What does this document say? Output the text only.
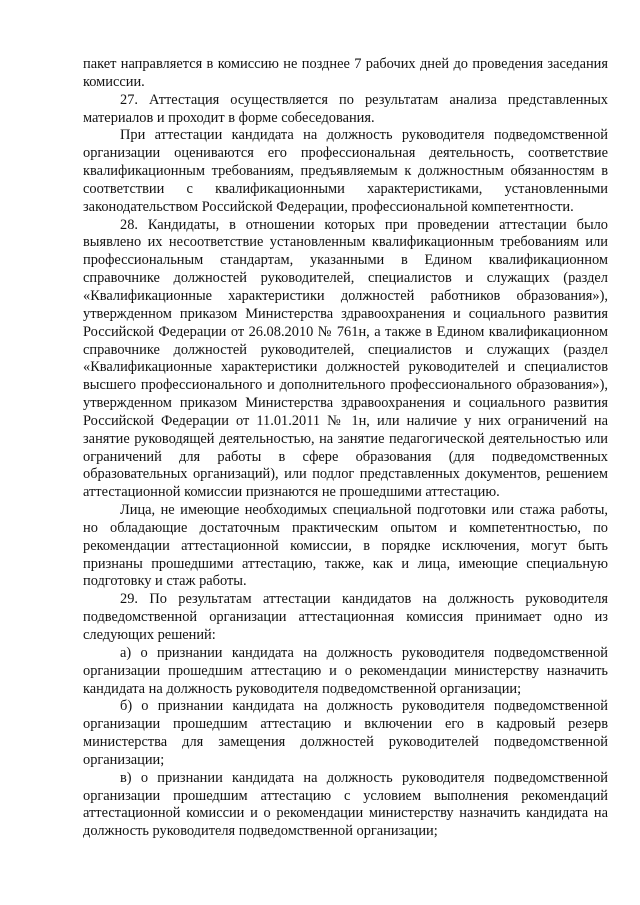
пакет направляется в комиссию не позднее 7 рабочих дней до проведения заседания комиссии.

27. Аттестация осуществляется по результатам анализа представленных материалов и проходит в форме собеседования.

При аттестации кандидата на должность руководителя подведомственной организации оцениваются его профессиональная деятельность, соответствие квалификационным требованиям, предъявляемым к должностным обязанностям в соответствии с квалификационными характеристиками, установленными законодательством Российской Федерации, профессиональной компетентности.

28. Кандидаты, в отношении которых при проведении аттестации было выявлено их несоответствие установленным квалификационным требованиям или профессиональным стандартам, указанными в Едином квалификационном справочнике должностей руководителей, специалистов и служащих (раздел «Квалификационные характеристики должностей работников образования»), утвержденном приказом Министерства здравоохранения и социального развития Российской Федерации от 26.08.2010 № 761н, а также в Едином квалификационном справочнике должностей руководителей, специалистов и служащих (раздел «Квалификационные характеристики должностей руководителей и специалистов высшего профессионального и дополнительного профессионального образования»), утвержденном приказом Министерства здравоохранения и социального развития Российской Федерации от 11.01.2011 № 1н, или наличие у них ограничений на занятие руководящей деятельностью, на занятие педагогической деятельностью или ограничений для работы в сфере образования (для подведомственных образовательных организаций), или подлог представленных документов, решением аттестационной комиссии признаются не прошедшими аттестацию.

Лица, не имеющие необходимых специальной подготовки или стажа работы, но обладающие достаточным практическим опытом и компетентностью, по рекомендации аттестационной комиссии, в порядке исключения, могут быть признаны прошедшими аттестацию, также, как и лица, имеющие специальную подготовку и стаж работы.

29. По результатам аттестации кандидатов на должность руководителя подведомственной организации аттестационная комиссия принимает одно из следующих решений:

а) о признании кандидата на должность руководителя подведомственной организации прошедшим аттестацию и о рекомендации министерству назначить кандидата на должность руководителя подведомственной организации;

б) о признании кандидата на должность руководителя подведомственной организации прошедшим аттестацию и включении его в кадровый резерв министерства для замещения должностей руководителей подведомственной организации;

в) о признании кандидата на должность руководителя подведомственной организации прошедшим аттестацию с условием выполнения рекомендаций аттестационной комиссии и о рекомендации министерству назначить кандидата на должность руководителя подведомственной организации;
